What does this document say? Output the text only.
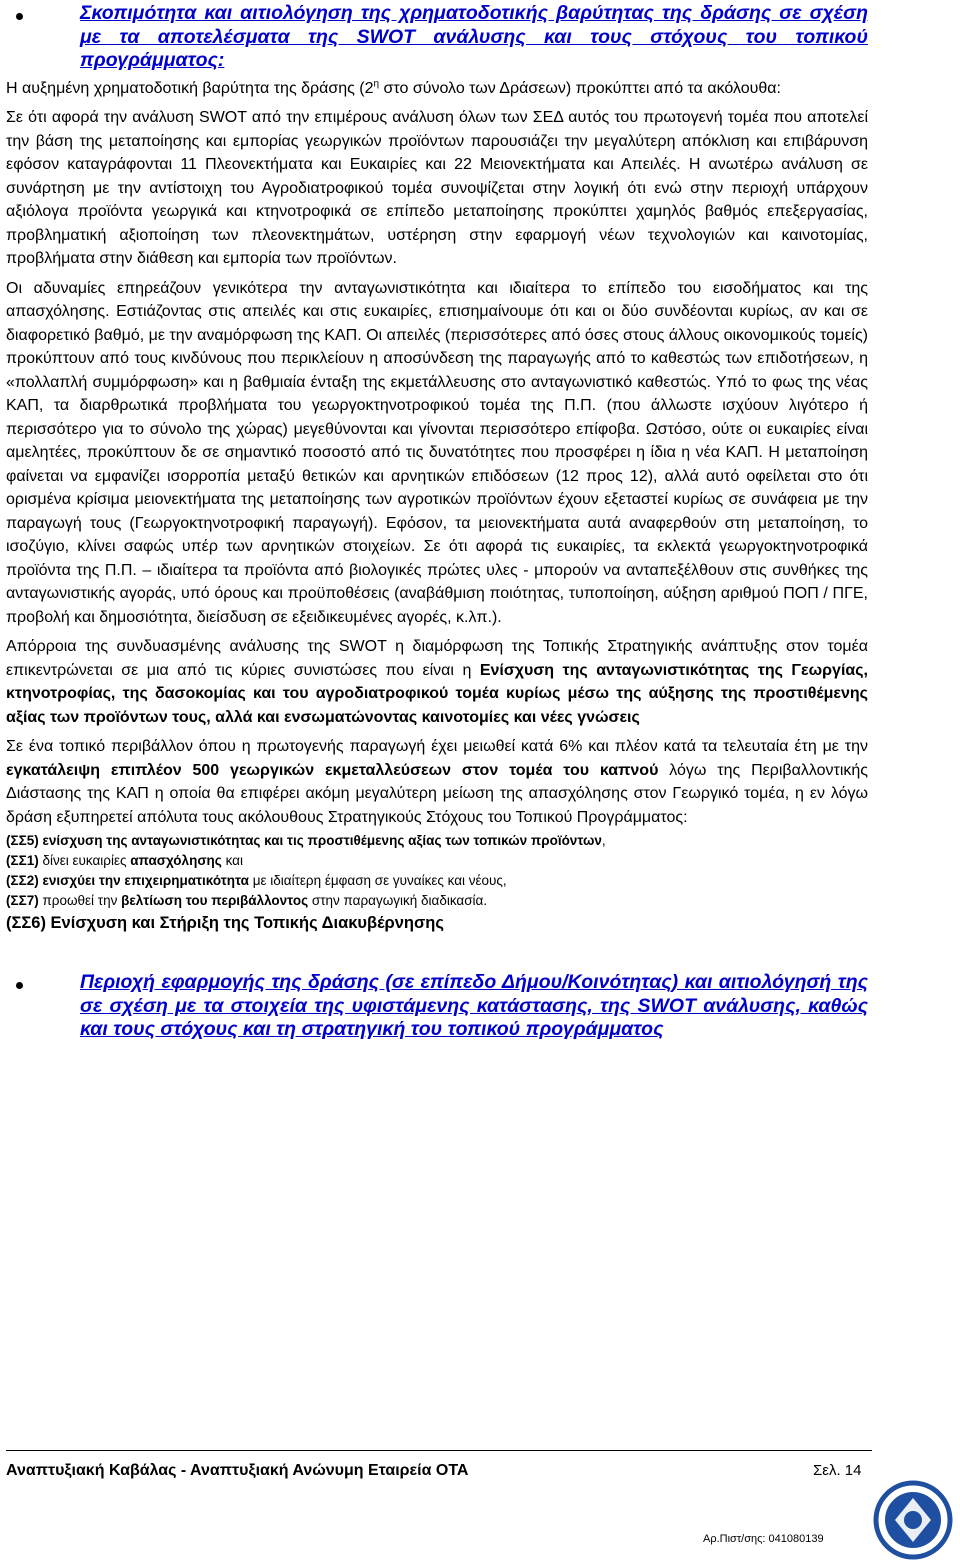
Σκοπιμότητα και αιτιολόγηση της χρηματοδοτικής βαρύτητας της δράσης σε σχέση με τα αποτελέσματα της SWOT ανάλυσης και τους στόχους του τοπικού προγράμματος:

Η αυξημένη χρηματοδοτική βαρύτητα της δράσης ($2^\eta$ στο σύνολο των Δράσεων) προκύπτει από τα ακόλουθα:

Σε ότι αφορά την ανάλυση SWOT από την επιμέρους ανάλυση όλων των ΣΕΔ αυτός του πρωτογενή τομέα που αποτελεί την βάση της μεταποίησης και εμπορίας γεωργικών προϊόντων παρουσιάζει την μεγαλύτερη απόκλιση και επιβάρυνση εφόσον καταγράφονται 11 Πλεονεκτήματα και Ευκαιρίες και 22 Μειονεκτήματα και Απειλές. Η ανωτέρω ανάλυση σε συνάρτηση με την αντίστοιχη του Αγροδιατροφικού τομέα συνοψίζεται στην λογική ότι ενώ στην περιοχή υπάρχουν αξιόλογα προϊόντα γεωργικά και κτηνοτροφικά σε επίπεδο μεταποίησης προκύπτει χαμηλός βαθμός επεξεργασίας, προβληματική αξιοποίηση των πλεονεκτημάτων, υστέρηση στην εφαρμογή νέων τεχνολογιών και καινοτομίας, προβλήματα στην διάθεση και εμπορία των προϊόντων.

Οι αδυναμίες επηρεάζουν γενικότερα την ανταγωνιστικότητα και ιδιαίτερα το επίπεδο του εισοδήματος και της απασχόλησης. Εστιάζοντας στις απειλές και στις ευκαιρίες, επισημαίνουμε ότι και οι δύο συνδέονται κυρίως, αν και σε διαφορετικό βαθμό, με την αναμόρφωση της ΚΑΠ. Οι απειλές (περισσότερες από όσες στους άλλους οικονομικούς τομείς) προκύπτουν από τους κινδύνους που περικλείουν η αποσύνδεση της παραγωγής από το καθεστώς των επιδοτήσεων, η «πολλαπλή συμμόρφωση» και η βαθμιαία ένταξη της εκμετάλλευσης στο ανταγωνιστικό καθεστώς. Υπό το φως της νέας ΚΑΠ, τα διαρθρωτικά προβλήματα του γεωργοκτηνοτροφικού τομέα της Π.Π. (που άλλωστε ισχύουν λιγότερο ή περισσότερο για το σύνολο της χώρας) μεγεθύνονται και γίνονται περισσότερο επίφοβα. Ωστόσο, ούτε οι ευκαιρίες είναι αμελητέες, προκύπτουν δε σε σημαντικό ποσοστό από τις δυνατότητες που προσφέρει η ίδια η νέα ΚΑΠ. Η μεταποίηση φαίνεται να εμφανίζει ισορροπία μεταξύ θετικών και αρνητικών επιδόσεων (12 προς 12), αλλά αυτό οφείλεται στο ότι ορισμένα κρίσιμα μειονεκτήματα της μεταποίησης των αγροτικών προϊόντων έχουν εξεταστεί κυρίως σε συνάφεια με την παραγωγή τους (Γεωργοκτηνοτροφική παραγωγή). Εφόσον, τα μειονεκτήματα αυτά αναφερθούν στη μεταποίηση, το ισοζύγιο, κλίνει σαφώς υπέρ των αρνητικών στοιχείων. Σε ότι αφορά τις ευκαιρίες, τα εκλεκτά γεωργοκτηνοτροφικά προϊόντα της Π.Π. – ιδιαίτερα τα προϊόντα από βιολογικές πρώτες υλες - μπορούν να ανταπεξέλθουν στις συνθήκες της ανταγωνιστικής αγοράς, υπό όρους και προϋποθέσεις (αναβάθμιση ποιότητας, τυποποίηση, αύξηση αριθμού ΠΟΠ / ΠΓΕ, προβολή και δημοσιότητα, διείσδυση σε εξειδικευμένες αγορές, κ.λπ.).

Απόρροια της συνδυασμένης ανάλυσης της SWOT η διαμόρφωση της Τοπικής Στρατηγικής ανάπτυξης στον τομέα επικεντρώνεται σε μια από τις κύριες συνιστώσες που είναι η Ενίσχυση της ανταγωνιστικότητας της Γεωργίας, κτηνοτροφίας, της δασοκομίας και του αγροδιατροφικού τομέα κυρίως μέσω της αύξησης της προστιθέμενης αξίας των προϊόντων τους, αλλά και ενσωματώνοντας καινοτομίες και νέες γνώσεις

Σε ένα τοπικό περιβάλλον όπου η πρωτογενής παραγωγή έχει μειωθεί κατά 6% και πλέον κατά τα τελευταία έτη με την εγκατάλειψη επιπλέον 500 γεωργικών εκμεταλλεύσεων στον τομέα του καπνού λόγω της Περιβαλλοντικής Διάστασης της ΚΑΠ η οποία θα επιφέρει ακόμη μεγαλύτερη μείωση της απασχόλησης στον Γεωργικό τομέα, η εν λόγω δράση εξυπηρετεί απόλυτα τους ακόλουθους Στρατηγικούς Στόχους του Τοπικού Προγράμματος:

(ΣΣ5) ενίσχυση της ανταγωνιστικότητας και τις προστιθέμενης αξίας των τοπικών προϊόντων,
(ΣΣ1) δίνει ευκαιρίες απασχόλησης και
(ΣΣ2) ενισχύει την επιχειρηματικότητα με ιδιαίτερη έμφαση σε γυναίκες και νέους,
(ΣΣ7) προωθεί την βελτίωση του περιβάλλοντος στην παραγωγική διαδικασία.
(ΣΣ6) Ενίσχυση και Στήριξη της Τοπικής Διακυβέρνησης
Περιοχή εφαρμογής της δράσης (σε επίπεδο Δήμου/Κοινότητας) και αιτιολόγησή της σε σχέση με τα στοιχεία της υφιστάμενης κατάστασης, της SWOT ανάλυσης, καθώς και τους στόχους και τη στρατηγική του τοπικού προγράμματος
Αναπτυξιακή Καβάλας - Αναπτυξιακή Ανώνυμη Εταιρεία ΟΤΑ	Σελ. 14
Αρ.Πιστ/σης: 041080139
